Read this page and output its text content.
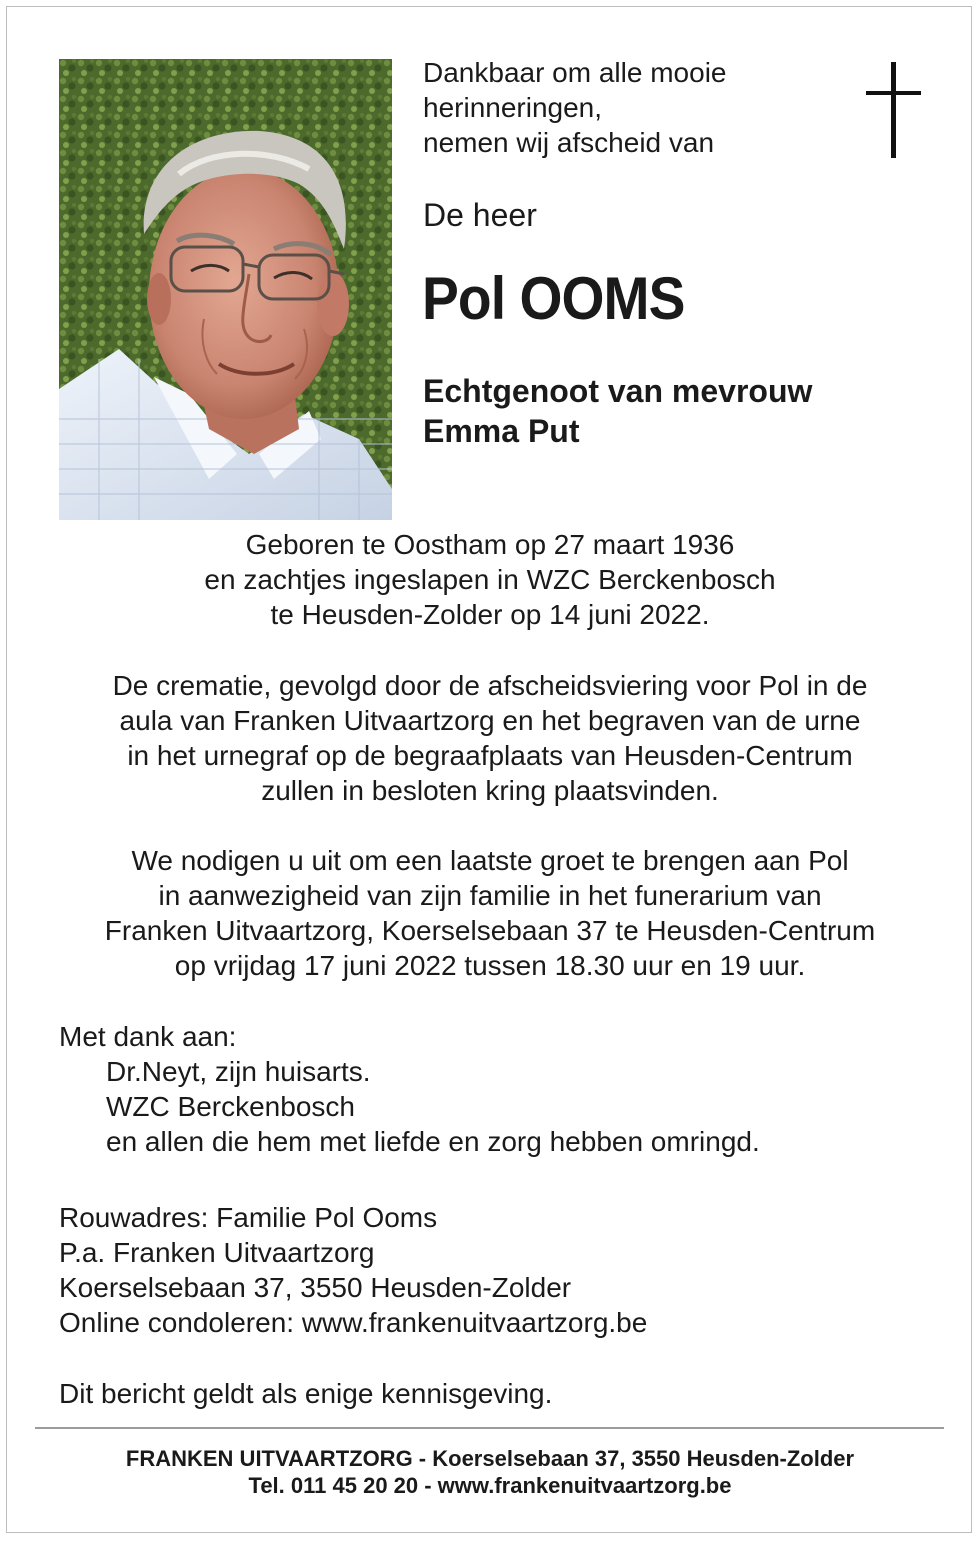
Dankbaar om alle mooie
herinneringen,
nemen wij afscheid van
De heer
Pol OOMS
Echtgenoot van mevrouw
Emma Put
Geboren te Oostham op 27 maart 1936
en zachtjes ingeslapen in WZC Berckenbosch
te Heusden-Zolder op 14 juni 2022.
De crematie, gevolgd door de afscheidsviering voor Pol in de
aula van Franken Uitvaartzorg en het begraven van de urne
in het urnegraf op de begraafplaats van Heusden-Centrum
zullen in besloten kring plaatsvinden.
We nodigen u uit om een laatste groet te brengen aan Pol
in aanwezigheid van zijn familie in het funerarium van
Franken Uitvaartzorg, Koerselsebaan 37 te Heusden-Centrum
op vrijdag 17 juni 2022 tussen 18.30 uur en 19 uur.
Met dank aan:
Dr.Neyt, zijn huisarts.
WZC Berckenbosch
en allen die hem met liefde en zorg hebben omringd.
Rouwadres: Familie Pol Ooms
P.a. Franken Uitvaartzorg
Koerselsebaan 37, 3550 Heusden-Zolder
Online condoleren: www.frankenuitvaartzorg.be
Dit bericht geldt als enige kennisgeving.
FRANKEN UITVAARTZORG - Koerselsebaan 37, 3550 Heusden-Zolder
Tel. 011 45 20 20 - www.frankenuitvaartzorg.be
